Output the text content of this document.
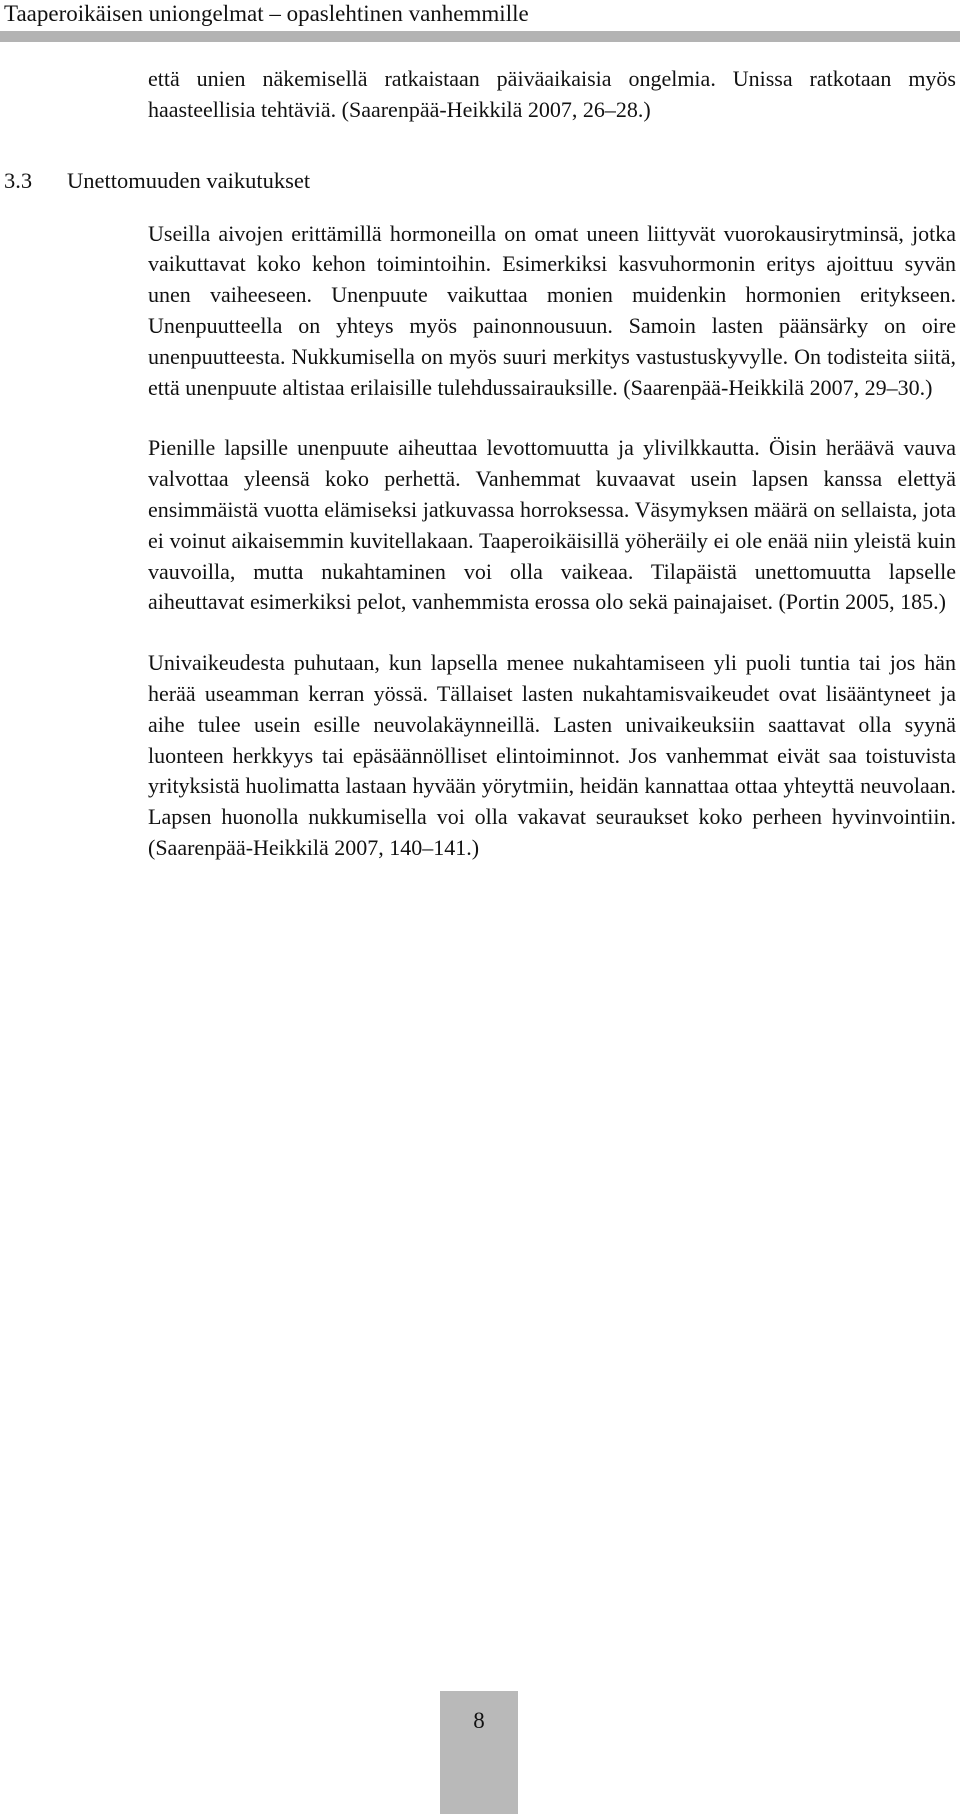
Taaperoikäisen uniongelmat – opaslehtinen vanhemmille

että unien näkemisellä ratkaistaan päiväaikaisia ongelmia. Unissa ratkotaan myös haasteellisia tehtäviä. (Saarenpää-Heikkilä 2007, 26–28.)

3.3 Unettomuuden vaikutukset

Useilla aivojen erittämillä hormoneilla on omat uneen liittyvät vuorokausirytminsä, jotka vaikuttavat koko kehon toimintoihin. Esimerkiksi kasvuhormonin eritys ajoittuu syvän unen vaiheeseen. Unenpuute vaikuttaa monien muidenkin hormonien eritykseen. Unenpuutteella on yhteys myös painonnousuun. Samoin lasten päänsärky on oire unenpuutteesta. Nukkumisella on myös suuri merkitys vastustuskyvylle. On todisteita siitä, että unenpuute altistaa erilaisille tulehdussairauksille. (Saarenpää-Heikkilä 2007, 29–30.)

Pienille lapsille unenpuute aiheuttaa levottomuutta ja ylivilkkautta. Öisin heräävä vauva valvottaa yleensä koko perhettä. Vanhemmat kuvaavat usein lapsen kanssa elettyä ensimmäistä vuotta elämiseksi jatkuvassa horroksessa. Väsymyksen määrä on sellaista, jota ei voinut aikaisemmin kuvitellakaan. Taaperoikäisillä yöheräily ei ole enää niin yleistä kuin vauvoilla, mutta nukahtaminen voi olla vaikeaa. Tilapäistä unettomuutta lapselle aiheuttavat esimerkiksi pelot, vanhemmista erossa olo sekä painajaiset. (Portin 2005, 185.)

Univaikeudesta puhutaan, kun lapsella menee nukahtamiseen yli puoli tuntia tai jos hän herää useamman kerran yössä. Tällaiset lasten nukahtamisvaikeudet ovat lisääntyneet ja aihe tulee usein esille neuvolakäynneillä. Lasten univaikeuksiin saattavat olla syynä luonteen herkkyys tai epäsäännölliset elintoiminnot. Jos vanhemmat eivät saa toistuvista yrityksistä huolimatta lastaan hyvään yörytmiin, heidän kannattaa ottaa yhteyttä neuvolaan. Lapsen huonolla nukkumisella voi olla vakavat seuraukset koko perheen hyvinvointiin. (Saarenpää-Heikkilä 2007, 140–141.)

8
